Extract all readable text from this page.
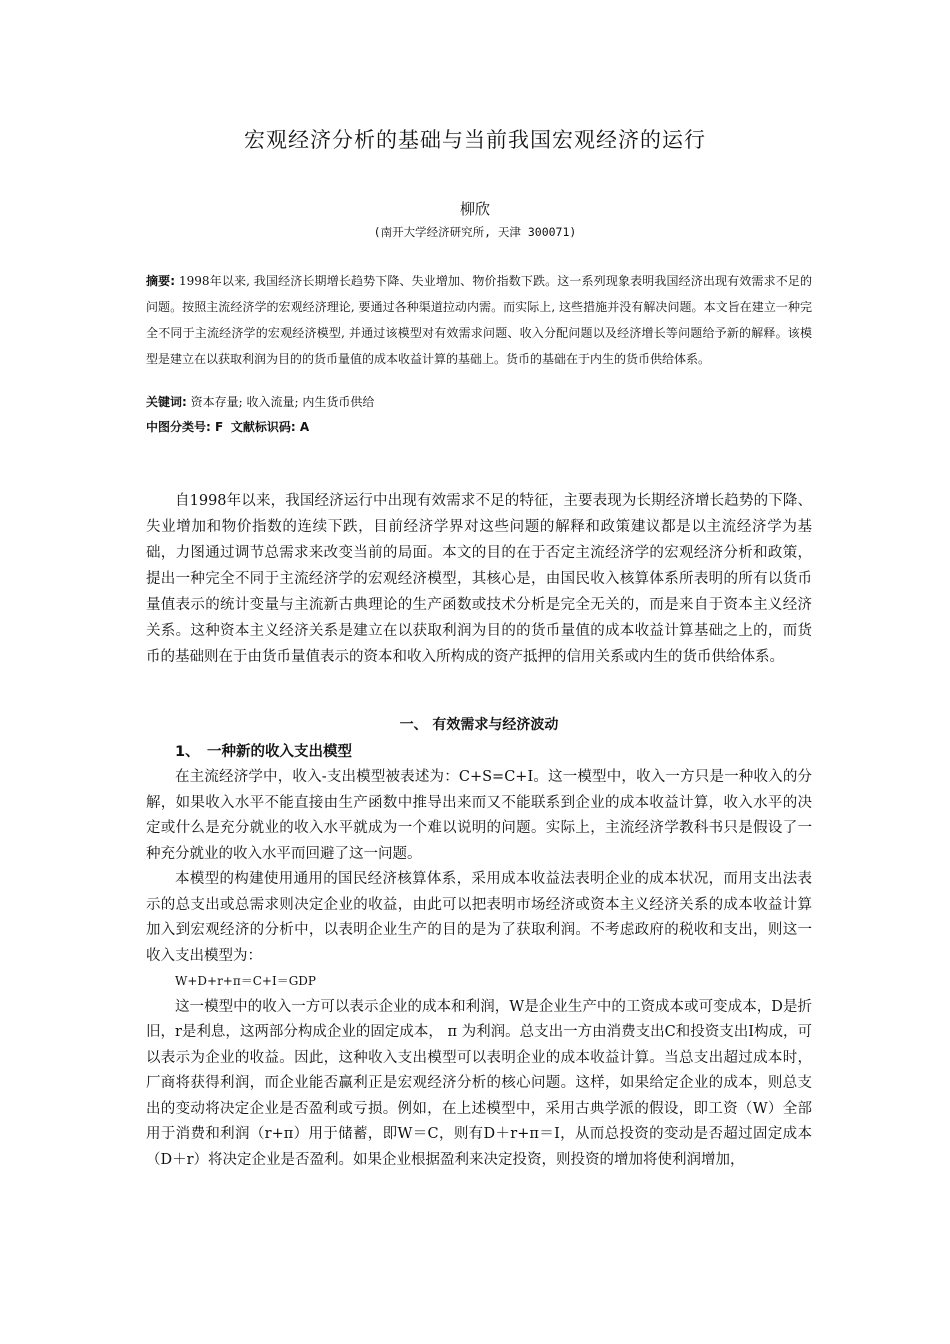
宏观经济分析的基础与当前我国宏观经济的运行
柳欣
(南开大学经济研究所, 天津 300071)

摘要: 1998年以来, 我国经济长期增长趋势下降、失业增加、物价指数下跌。这一系列现象表明我国经济出现有效需求不足的问题。按照主流经济学的宏观经济理论, 要通过各种渠道拉动内需。而实际上, 这些措施并没有解决问题。本文旨在建立一种完全不同于主流经济学的宏观经济模型, 并通过该模型对有效需求问题、收入分配问题以及经济增长等问题给予新的解释。该模型是建立在以获取利润为目的的货币量值的成本收益计算的基础上。货币的基础在于内生的货币供给体系。

关键词: 资本存量; 收入流量; 内生货币供给
中图分类号: F 文献标识码: A

自1998年以来，我国经济运行中出现有效需求不足的特征，主要表现为长期经济增长趋势的下降、失业增加和物价指数的连续下跌，目前经济学界对这些问题的解释和政策建议都是以主流经济学为基础，力图通过调节总需求来改变当前的局面。本文的目的在于否定主流经济学的宏观经济分析和政策，提出一种完全不同于主流经济学的宏观经济模型，其核心是，由国民收入核算体系所表明的所有以货币量值表示的统计变量与主流新古典理论的生产函数或技术分析是完全无关的，而是来自于资本主义经济关系。这种资本主义经济关系是建立在以获取利润为目的的货币量值的成本收益计算基础之上的，而货币的基础则在于由货币量值表示的资本和收入所构成的资产抵押的信用关系或内生的货币供给体系。

一、 有效需求与经济波动
1、 一种新的收入支出模型

在主流经济学中，收入-支出模型被表述为：C+S=C+I。这一模型中，收入一方只是一种收入的分解，如果收入水平不能直接由生产函数中推导出来而又不能联系到企业的成本收益计算，收入水平的决定或什么是充分就业的收入水平就成为一个难以说明的问题。实际上，主流经济学教科书只是假设了一种充分就业的收入水平而回避了这一问题。

本模型的构建使用通用的国民经济核算体系，采用成本收益法表明企业的成本状况，而用支出法表示的总支出或总需求则决定企业的收益，由此可以把表明市场经济或资本主义经济关系的成本收益计算加入到宏观经济的分析中，以表明企业生产的目的是为了获取利润。不考虑政府的税收和支出，则这一收入支出模型为：

W+D+r+π＝C+I＝GDP

这一模型中的收入一方可以表示企业的成本和利润，W是企业生产中的工资成本或可变成本，D是折旧，r是利息，这两部分构成企业的固定成本， π 为利润。总支出一方由消费支出C和投资支出I构成，可以表示为企业的收益。因此，这种收入支出模型可以表明企业的成本收益计算。当总支出超过成本时，厂商将获得利润，而企业能否赢利正是宏观经济分析的核心问题。这样，如果给定企业的成本，则总支出的变动将决定企业是否盈利或亏损。例如，在上述模型中，采用古典学派的假设，即工资（W）全部用于消费和利润（r+π）用于储蓄，即W＝C，则有D＋r+π＝I，从而总投资的变动是否超过固定成本（D＋r）将决定企业是否盈利。如果企业根据盈利来决定投资，则投资的增加将使利润增加，
